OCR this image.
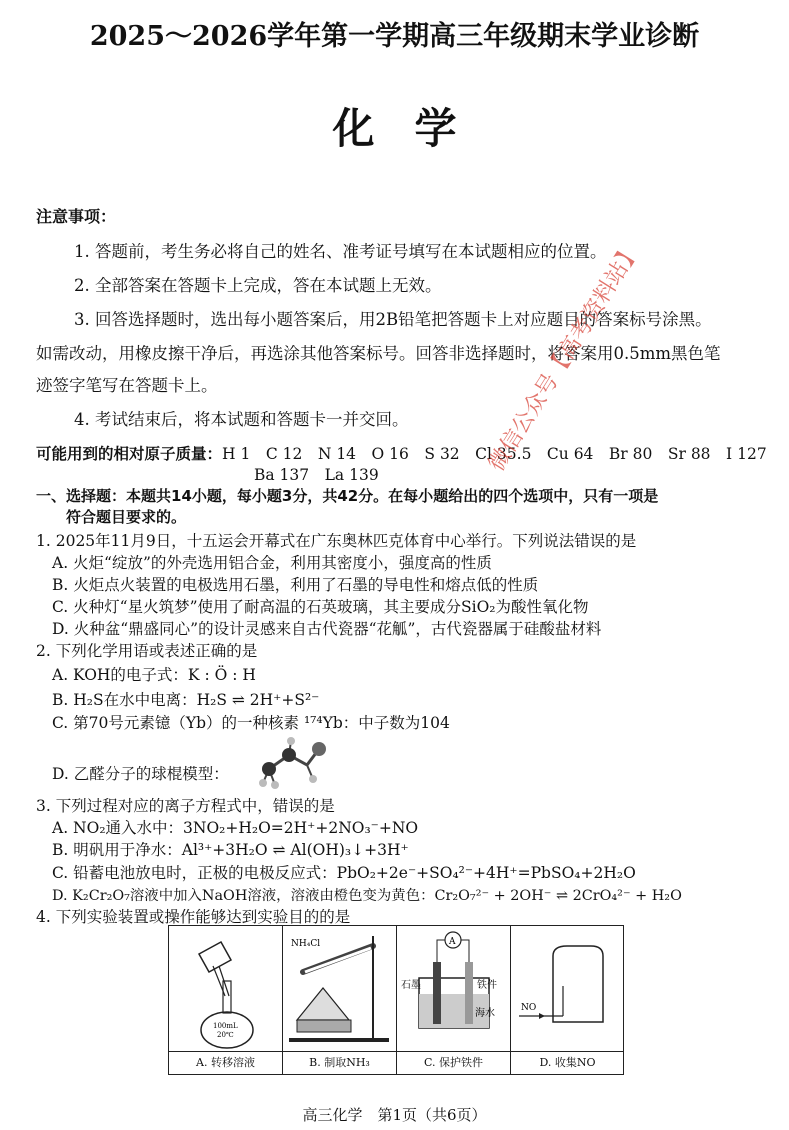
2025～2026学年第一学期高三年级期末学业诊断
化学
注意事项：
1. 答题前，考生务必将自己的姓名、准考证号填写在本试题相应的位置。
2. 全部答案在答题卡上完成，答在本试题上无效。
3. 回答选择题时，选出每小题答案后，用2B铅笔把答题卡上对应题目的答案标号涂黑。
如需改动，用橡皮擦干净后，再选涂其他答案标号。回答非选择题时，将答案用0.5mm黑色笔
迹签字笔写在答题卡上。
4. 考试结束后，将本试题和答题卡一并交回。
可能用到的相对原子质量：H 1　C 12　N 14　O 16　S 32　Cl 35.5　Cu 64　Br 80　Sr 88　I 127
Ba 137　La 139
一、选择题：本题共14小题，每小题3分，共42分。在每小题给出的四个选项中，只有一项是
符合题目要求的。
1. 2025年11月9日，十五运会开幕式在广东奥林匹克体育中心举行。下列说法错误的是
A. 火炬“绽放”的外壳选用铝合金，利用其密度小，强度高的性质
B. 火炬点火装置的电极选用石墨，利用了石墨的导电性和熔点低的性质
C. 火种灯“星火筑梦”使用了耐高温的石英玻璃，其主要成分SiO₂为酸性氧化物
D. 火种盆“鼎盛同心”的设计灵感来自古代瓷器“花觚”，古代瓷器属于硅酸盐材料
2. 下列化学用语或表述正确的是
A. KOH的电子式：K : Ö : H
B. H₂S在水中电离：H₂S ⇌ 2H⁺+S²⁻
C. 第70号元素镱（Yb）的一种核素 ¹⁷⁴Yb：中子数为104
D. 乙醛分子的球棍模型：
3. 下列过程对应的离子方程式中，错误的是
A. NO₂通入水中：3NO₂+H₂O=2H⁺+2NO₃⁻+NO
B. 明矾用于净水：Al³⁺+3H₂O ⇌ Al(OH)₃↓+3H⁺
C. 铅蓄电池放电时，正极的电极反应式：PbO₂+2e⁻+SO₄²⁻+4H⁺=PbSO₄+2H₂O
D. K₂Cr₂O₇溶液中加入NaOH溶液，溶液由橙色变为黄色：Cr₂O₇²⁻ + 2OH⁻ ⇌ 2CrO₄²⁻ + H₂O
4. 下列实验装置或操作能够达到实验目的的是
100mL
20℃
A. 转移溶液
NH₄Cl
B. 制取NH₃
A
石墨	铁件
海水
C. 保护铁件
NO
D. 收集NO
微信公众号【高考资料站】
高三化学　第1页（共6页）
